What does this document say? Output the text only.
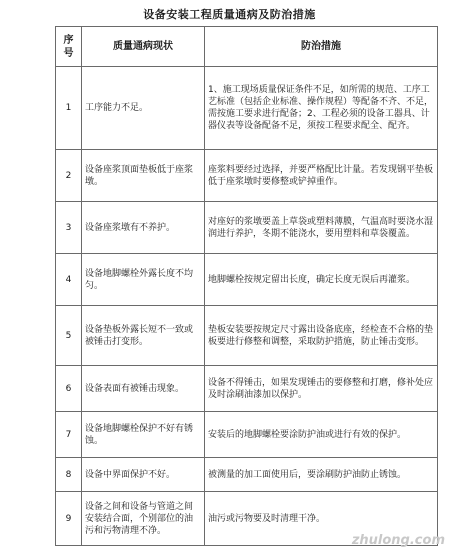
设备安装工程质量通病及防治措施
序号	质量通病现状	防治措施
1	工序能力不足。	1、施工现场质量保证条件不足，如所需的规范、工序工艺标准（包括企业标准、操作规程）等配备不齐、不足，需按施工要求进行配备；2、工程必须的设备工器具、计器仪表等设备配备不足，须按工程要求配全、配齐。
2	设备座浆顶面垫板低于座浆墩。	座浆料要经过选择，并要严格配比计量。若发现钢平垫板低于座浆墩时要修整或铲掉重作。
3	设备座浆墩有不养护。	对座好的浆墩要盖上草袋或塑料薄膜，气温高时要浇水湿润进行养护，冬期不能浇水，要用塑料和草袋覆盖。
4	设备地脚螺栓外露长度不均匀。	地脚螺栓按规定留出长度，确定长度无误后再灌浆。
5	设备垫板外露长短不一致或被锤击打变形。	垫板安装要按规定尺寸露出设备底座，经检查不合格的垫板要进行修整和调整，采取防护措施，防止锤击变形。
6	设备表面有被锤击现象。	设备不得锤击，如果发现锤击的要修整和打磨，修补处应及时涂刷油漆加以保护。
7	设备地脚螺栓保护不好有锈蚀。	安装后的地脚螺栓要涂防护油或进行有效的保护。
8	设备中界面保护不好。	被测量的加工面使用后，要涂刷防护油防止锈蚀。
9	设备之间和设备与管道之间安装结合面，个别部位的油污和污物清理不净。	油污或污物要及时清理干净。
zhulong.com
